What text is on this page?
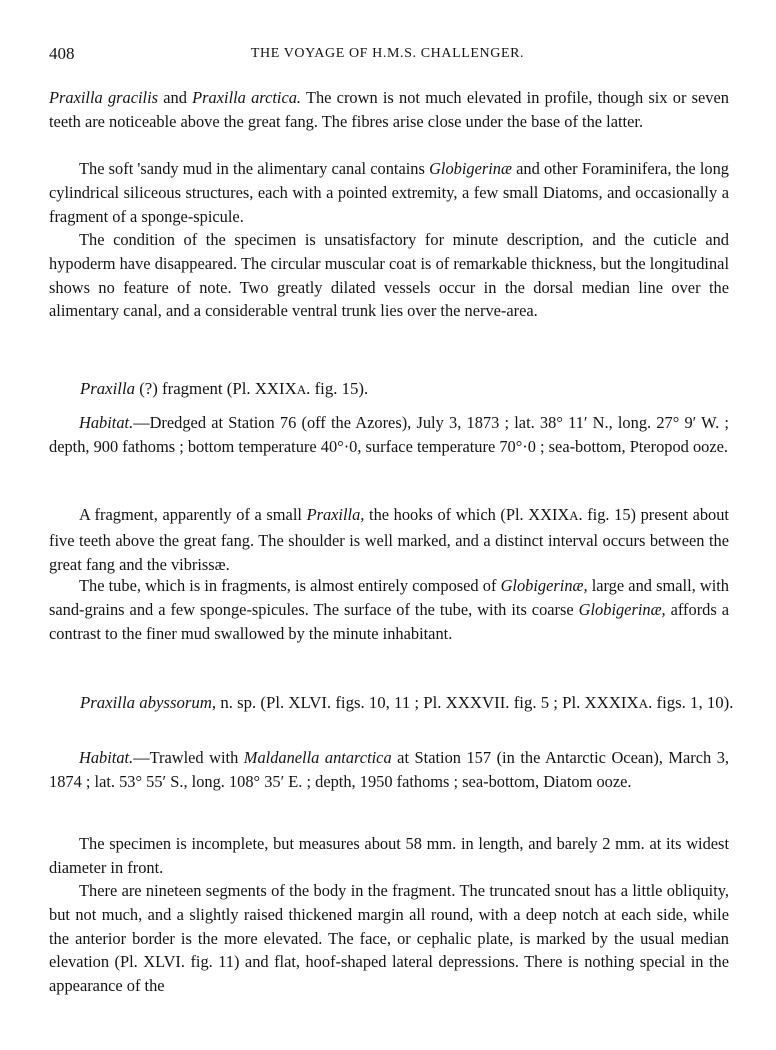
408	THE VOYAGE OF H.M.S. CHALLENGER.

Praxilla gracilis and Praxilla arctica. The crown is not much elevated in profile, though six or seven teeth are noticeable above the great fang. The fibres arise close under the base of the latter.

The soft 'sandy mud in the alimentary canal contains Globigerinæ and other Foraminifera, the long cylindrical siliceous structures, each with a pointed extremity, a few small Diatoms, and occasionally a fragment of a sponge-spicule.

The condition of the specimen is unsatisfactory for minute description, and the cuticle and hypoderm have disappeared. The circular muscular coat is of remarkable thickness, but the longitudinal shows no feature of note. Two greatly dilated vessels occur in the dorsal median line over the alimentary canal, and a considerable ventral trunk lies over the nerve-area.

Praxilla (?) fragment (Pl. XXIXA. fig. 15).

Habitat.—Dredged at Station 76 (off the Azores), July 3, 1873 ; lat. 38° 11′ N., long. 27° 9′ W. ; depth, 900 fathoms ; bottom temperature 40°·0, surface temperature 70°·0 ; sea-bottom, Pteropod ooze.

A fragment, apparently of a small Praxilla, the hooks of which (Pl. XXIXA. fig. 15) present about five teeth above the great fang. The shoulder is well marked, and a distinct interval occurs between the great fang and the vibrissæ.

The tube, which is in fragments, is almost entirely composed of Globigerinæ, large and small, with sand-grains and a few sponge-spicules. The surface of the tube, with its coarse Globigerinæ, affords a contrast to the finer mud swallowed by the minute inhabitant.

Praxilla abyssorum, n. sp. (Pl. XLVI. figs. 10, 11 ; Pl. XXXVII. fig. 5 ; Pl. XXXIXA. figs. 1, 10).

Habitat.—Trawled with Maldanella antarctica at Station 157 (in the Antarctic Ocean), March 3, 1874 ; lat. 53° 55′ S., long. 108° 35′ E. ; depth, 1950 fathoms ; sea-bottom, Diatom ooze.

The specimen is incomplete, but measures about 58 mm. in length, and barely 2 mm. at its widest diameter in front.

There are nineteen segments of the body in the fragment. The truncated snout has a little obliquity, but not much, and a slightly raised thickened margin all round, with a deep notch at each side, while the anterior border is the more elevated. The face, or cephalic plate, is marked by the usual median elevation (Pl. XLVI. fig. 11) and flat, hoof-shaped lateral depressions. There is nothing special in the appearance of the
